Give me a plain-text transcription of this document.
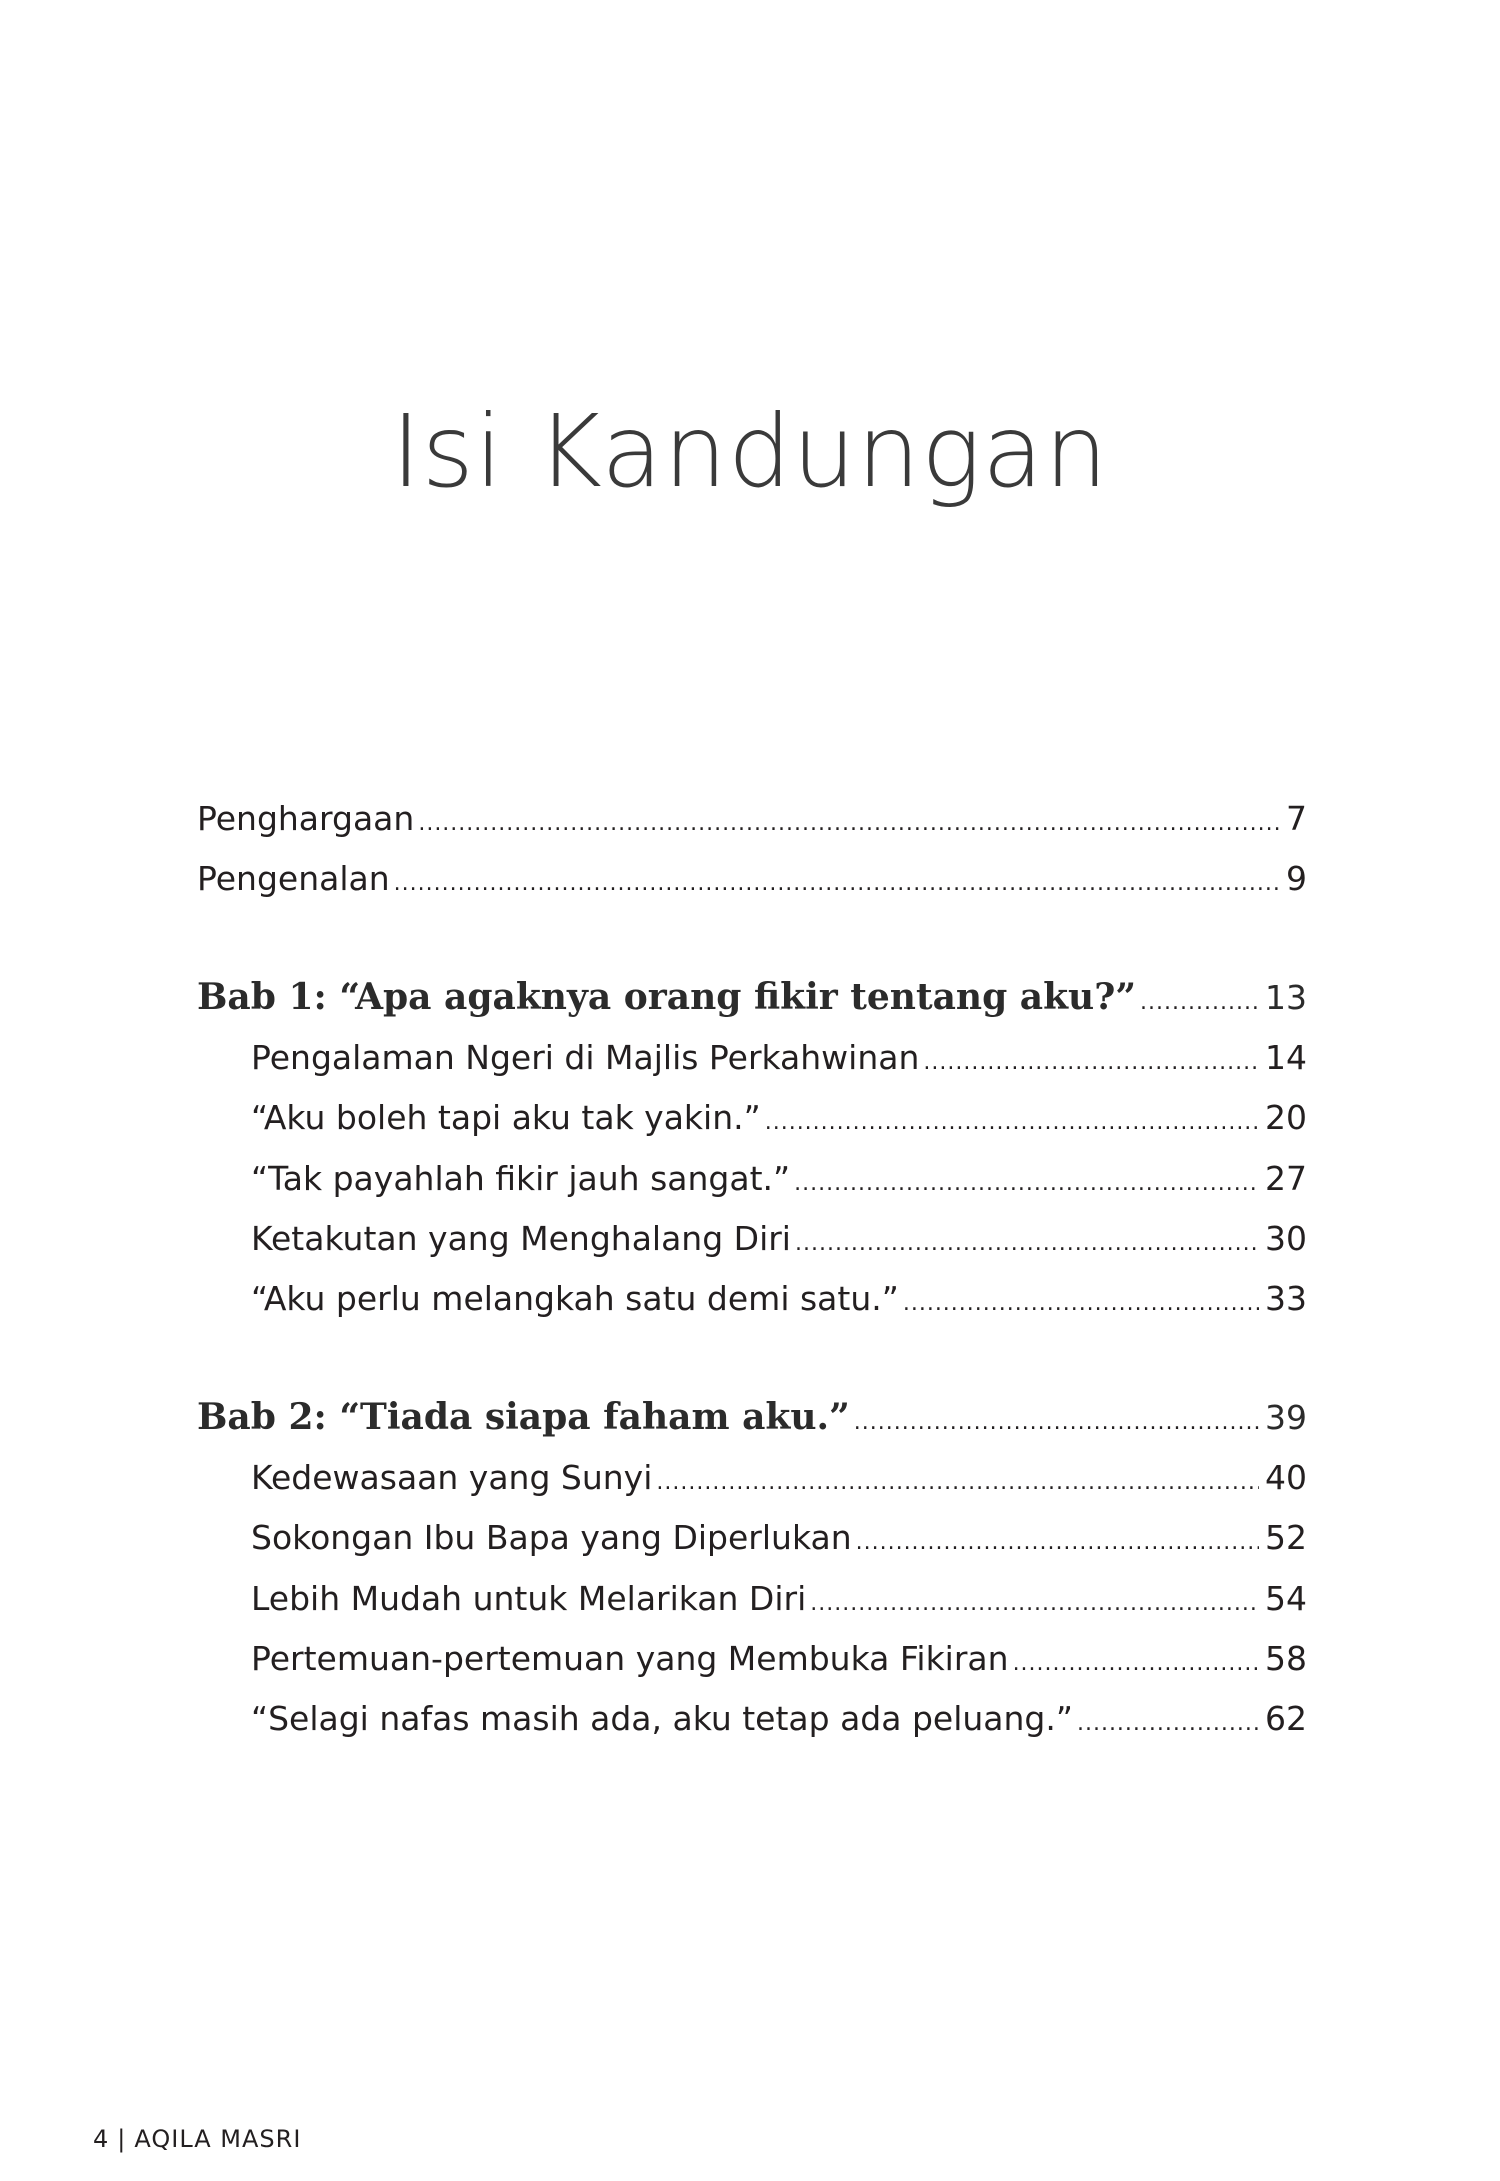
Isi Kandungan
Penghargaan .....	7
Pengenalan .....	9
Bab 1: “Apa agaknya orang fikir tentang aku?” .....	13
Pengalaman Ngeri di Majlis Perkahwinan .....	14
“Aku boleh tapi aku tak yakin.” .....	20
“Tak payahlah fikir jauh sangat.” .....	27
Ketakutan yang Menghalang Diri .....	30
“Aku perlu melangkah satu demi satu.” .....	33
Bab 2: “Tiada siapa faham aku.” .....	39
Kedewasaan yang Sunyi .....	40
Sokongan Ibu Bapa yang Diperlukan .....	52
Lebih Mudah untuk Melarikan Diri .....	54
Pertemuan-pertemuan yang Membuka Fikiran .....	58
“Selagi nafas masih ada, aku tetap ada peluang.” .....	62
4 | AQILA MASRI
